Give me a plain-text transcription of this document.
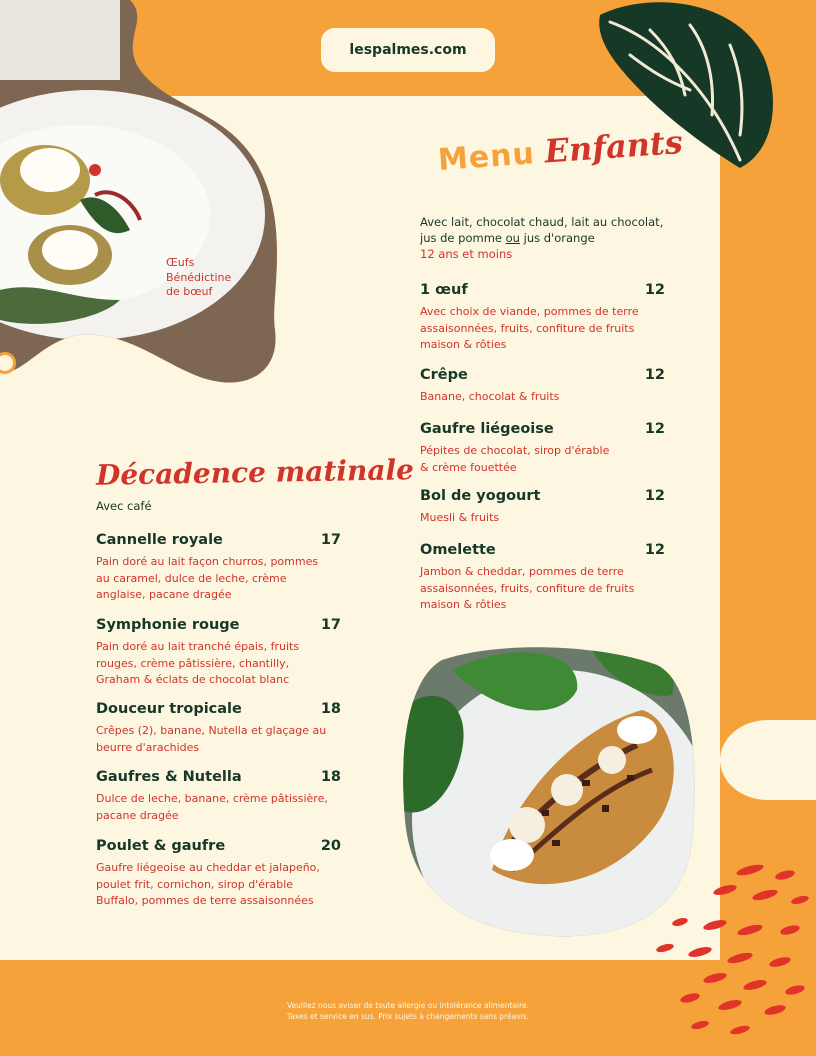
Œufs
Bénédictine
de bœuf
lespalmes.com
Menu Enfants
Avec lait, chocolat chaud, lait au chocolat,
jus de pomme ou jus d'orange
12 ans et moins
1 œuf	12
Avec choix de viande, pommes de terre
assaisonnées, fruits, confiture de fruits
maison & rôties
Crêpe	12
Banane, chocolat & fruits
Gaufre liégeoise	12
Pépites de chocolat, sirop d'érable
& crème fouettée
Bol de yogourt	12
Muesli & fruits
Omelette	12
Jambon & cheddar, pommes de terre
assaisonnées, fruits, confiture de fruits
maison & rôties
Décadence matinale
Avec café
Cannelle royale	17
Pain doré au lait façon churros, pommes
au caramel, dulce de leche, crème
anglaise, pacane dragée
Symphonie rouge	17
Pain doré au lait tranché épais, fruits
rouges, crème pâtissière, chantilly,
Graham & éclats de chocolat blanc
Douceur tropicale	18
Crêpes (2), banane, Nutella et glaçage au
beurre d'arachides
Gaufres & Nutella	18
Dulce de leche, banane, crème pâtissière,
pacane dragée
Poulet & gaufre	20
Gaufre liégeoise au cheddar et jalapeño,
poulet frit, cornichon, sirop d'érable
Buffalo, pommes de terre assaisonnées
Veuillez nous aviser de toute allergie ou intolérance alimentaire.
Taxes et service en sus. Prix sujets à changements sans préavis.
